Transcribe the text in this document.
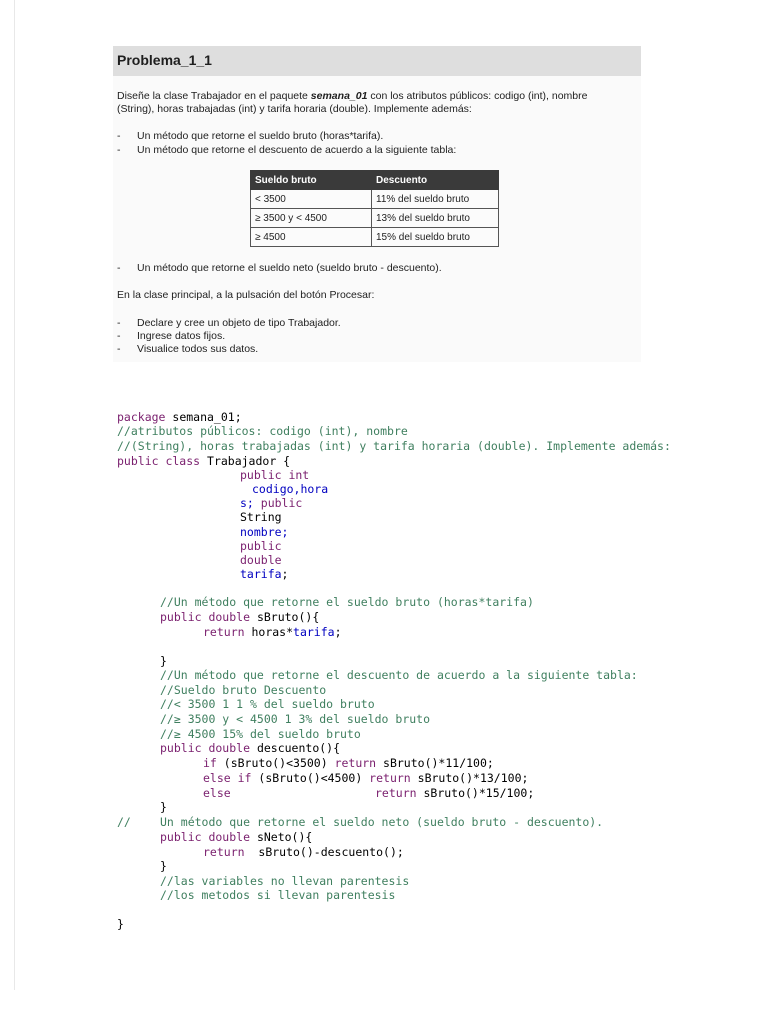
Problema_1_1
Diseñe la clase Trabajador en el paquete semana_01 con los atributos públicos: codigo (int), nombre
(String), horas trabajadas (int) y tarifa horaria (double). Implemente además:
- Un método que retorne el sueldo bruto (horas*tarifa).
- Un método que retorne el descuento de acuerdo a la siguiente tabla:
Sueldo bruto	Descuento
< 3500	11% del sueldo bruto
≥ 3500 y < 4500	13% del sueldo bruto
≥ 4500	15% del sueldo bruto
- Un método que retorne el sueldo neto (sueldo bruto - descuento).
En la clase principal, a la pulsación del botón Procesar:
- Declare y cree un objeto de tipo Trabajador.
- Ingrese datos fijos.
- Visualice todos sus datos.
package semana_01;
//atributos públicos: codigo (int), nombre
//(String), horas trabajadas (int) y tarifa horaria (double). Implemente además:
public class Trabajador {
public int
codigo,hora
s; public
String
nombre;
public
double
tarifa;
//Un método que retorne el sueldo bruto (horas*tarifa)
public double sBruto(){
return horas*tarifa;
}
//Un método que retorne el descuento de acuerdo a la siguiente tabla:
//Sueldo bruto Descuento
//< 3500 1 1 % del sueldo bruto
//≥ 3500 y < 4500 1 3% del sueldo bruto
//≥ 4500 15% del sueldo bruto
public double descuento(){
if (sBruto()<3500) return sBruto()*11/100;
else if (sBruto()<4500) return sBruto()*13/100;
else	return sBruto()*15/100;
}
//	Un método que retorne el sueldo neto (sueldo bruto - descuento).
public double sNeto(){
return  sBruto()-descuento();
}
//las variables no llevan parentesis
//los metodos si llevan parentesis
}
